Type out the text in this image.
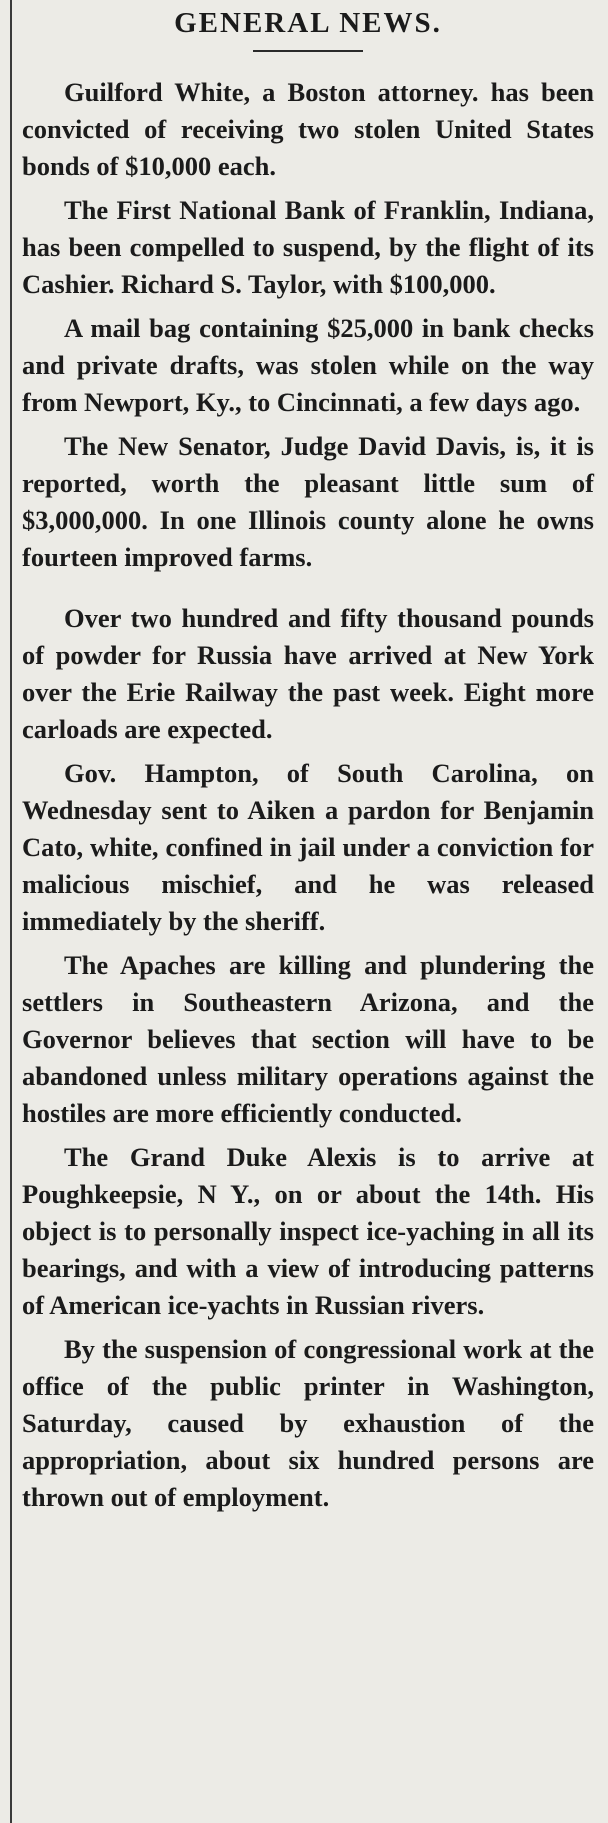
GENERAL NEWS.

Guilford White, a Boston attorney. has been convicted of receiving two stolen United States bonds of $10,000 each.

The First National Bank of Franklin, Indiana, has been compelled to suspend, by the flight of its Cashier. Richard S. Taylor, with $100,000.

A mail bag containing $25,000 in bank checks and private drafts, was stolen while on the way from Newport, Ky., to Cincinnati, a few days ago.

The New Senator, Judge David Davis, is, it is reported, worth the pleasant little sum of $3,000,000. In one Illinois county alone he owns fourteen improved farms.

Over two hundred and fifty thousand pounds of powder for Russia have arrived at New York over the Erie Railway the past week. Eight more carloads are expected.

Gov. Hampton, of South Carolina, on Wednesday sent to Aiken a pardon for Benjamin Cato, white, confined in jail under a conviction for malicious mischief, and he was released immediately by the sheriff.

The Apaches are killing and plundering the settlers in Southeastern Arizona, and the Governor believes that section will have to be abandoned unless military operations against the hostiles are more efficiently conducted.

The Grand Duke Alexis is to arrive at Poughkeepsie, N Y., on or about the 14th. His object is to personally inspect ice-yaching in all its bearings, and with a view of introducing patterns of American ice-yachts in Russian rivers.

By the suspension of congressional work at the office of the public printer in Washington, Saturday, caused by exhaustion of the appropriation, about six hundred persons are thrown out of employment.
